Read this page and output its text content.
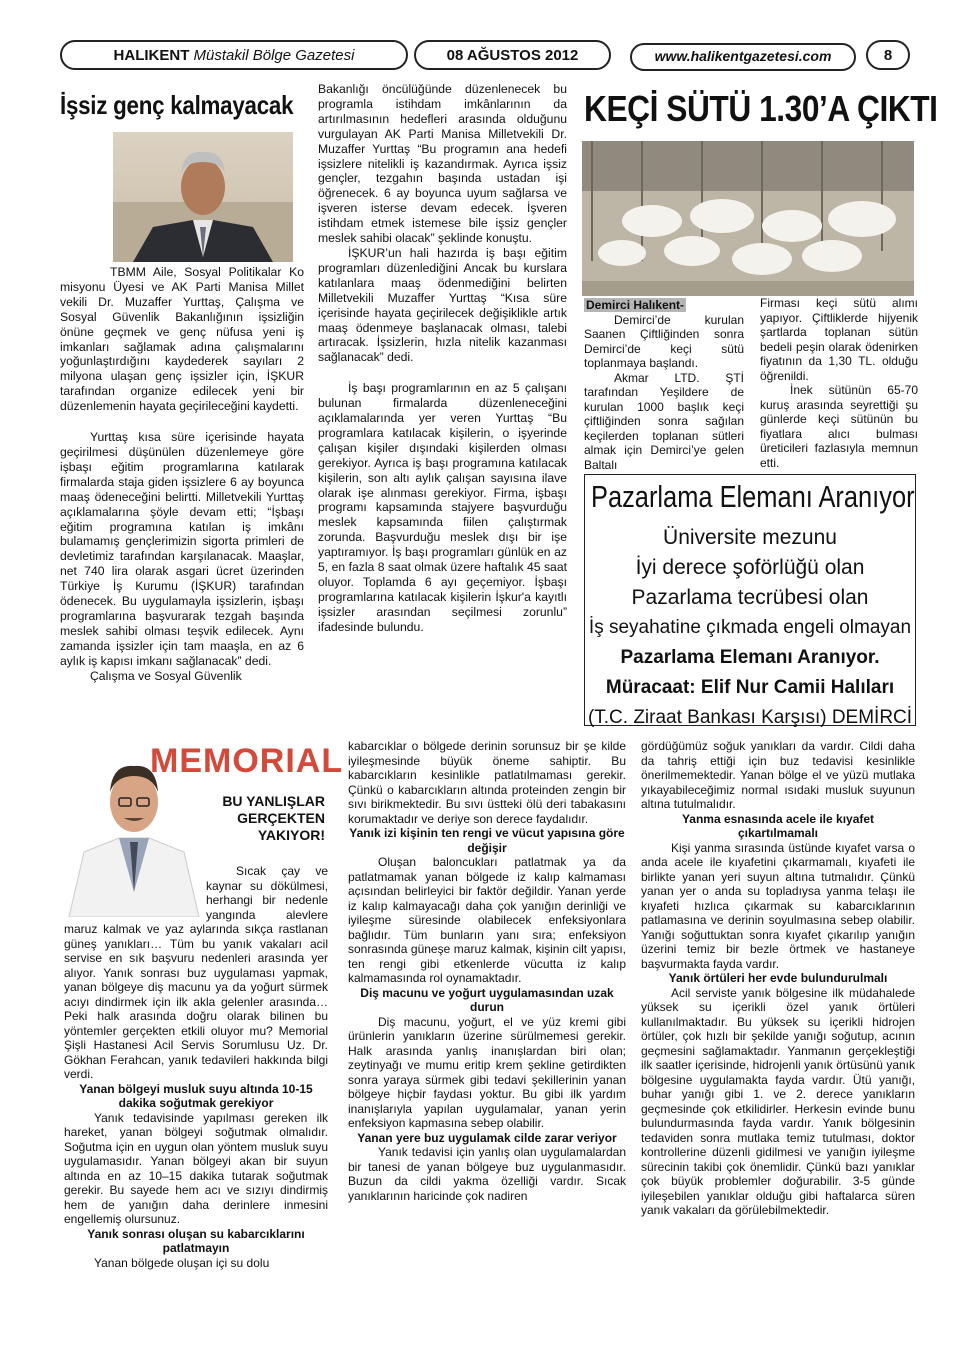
HALIKENT Müstakil Bölge Gazetesi	08 AĞUSTOS 2012	www.halikentgazetesi.com	8
İşsiz genç kalmayacak

TBMM Aile, Sosyal Politikalar Ko misyonu Üyesi ve AK Parti Manisa Millet vekili Dr. Muzaffer Yurttaş, Çalışma ve Sosyal Güvenlik Bakanlığının işsizliğin önüne geçmek ve genç nüfusa yeni iş imkanları sağlamak adına çalışmalarını yoğunlaştırdığını kaydederek sayıları 2 milyona ulaşan genç işsizler için, İŞKUR tarafından organize edilecek yeni bir düzenlemenin hayata geçirileceğini kaydetti.

Yurttaş kısa süre içerisinde hayata geçirilmesi düşünülen düzenlemeye göre işbaşı eğitim programlarına katılarak firmalarda staja giden işsizlere 6 ay boyunca maaş ödeneceğini belirtti. Milletvekili Yurttaş açıklamalarına şöyle devam etti; “İşbaşı eğitim programına katılan iş imkânı bulamamış gençlerimizin sigorta primleri de devletimiz tarafından karşılanacak. Maaşlar, net 740 lira olarak asgari ücret üzerinden Türkiye İş Kurumu (İŞKUR) tarafından ödenecek. Bu uygulamayla işsizlerin, işbaşı programlarına başvurarak tezgah başında meslek sahibi olması teşvik edilecek. Aynı zamanda işsizler için tam maaşla, en az 6 aylık iş kapısı imkanı sağlanacak” dedi.

Çalışma ve Sosyal Güvenlik

Bakanlığı öncülüğünde düzenlenecek bu programla istihdam imkânlarının da artırılmasının hedefleri arasında olduğunu vurgulayan AK Parti Manisa Milletvekili Dr. Muzaffer Yurttaş “Bu programın ana hedefi işsizlere nitelikli iş kazandırmak. Ayrıca işsiz gençler, tezgahın başında ustadan işi öğrenecek. 6 ay boyunca uyum sağlarsa ve işveren isterse devam edecek. İşveren istihdam etmek istemese bile işsiz gençler meslek sahibi olacak” şeklinde konuştu.

İŞKUR’un hali hazırda iş başı eğitim programları düzenlediğini Ancak bu kurslara katılanlara maaş ödenmediğini belirten Milletvekili Muzaffer Yurttaş “Kısa süre içerisinde hayata geçirilecek değişiklikle artık maaş ödenmeye başlanacak olması, talebi artıracak. İşsizlerin, hızla nitelik kazanması sağlanacak” dedi.

İş başı programlarının en az 5 çalışanı bulunan firmalarda düzenleneceğini açıklamalarında yer veren Yurttaş “Bu programlara katılacak kişilerin, o işyerinde çalışan kişiler dışındaki kişilerden olması gerekiyor. Ayrıca iş başı programına katılacak kişilerin, son altı aylık çalışan sayısına ilave olarak işe alınması gerekiyor. Firma, işbaşı programı kapsamında stajyere başvurduğu meslek kapsamında fiilen çalıştırmak zorunda. Başvurduğu meslek dışı bir işe yaptıramıyor. İş başı programları günlük en az 5, en fazla 8 saat olmak üzere haftalık 45 saat oluyor. Toplamda 6 ayı geçemiyor. İşbaşı programlarına katılacak kişilerin İşkur'a kayıtlı işsizler arasından seçilmesi zorunlu” ifadesinde bulundu.

KEÇİ SÜTÜ 1.30’A ÇIKTI

Demirci Halıkent-

Demirci’de kurulan Saanen Çiftliğinden sonra Demirci’de keçi sütü toplanmaya başlandı.

Akmar LTD. ŞTİ tarafından Yeşildere de kurulan 1000 başlık keçi çiftliğinden sonra sağılan keçilerden toplanan sütleri almak için Demirci’ye gelen Baltalı

Firması keçi sütü alımı yapıyor. Çiftliklerde hijyenik şartlarda toplanan sütün bedeli peşin olarak ödenirken fiyatının da 1,30 TL. olduğu öğrenildi.

İnek sütünün 65-70 kuruş arasında seyrettiği şu günlerde keçi sütünün bu fiyatlara alıcı bulması üreticileri fazlasıyla memnun etti.

Pazarlama Elemanı Aranıyor
Üniversite mezunu
İyi derece şoförlüğü olan
Pazarlama tecrübesi olan
İş seyahatine çıkmada engeli olmayan
Pazarlama Elemanı Aranıyor.
Müracaat: Elif Nur Camii Halıları
(T.C. Ziraat Bankası Karşısı) DEMİRCİ
MEMORIAL
BU YANLIŞLAR GERÇEKTEN YAKIYOR!

Sıcak çay ve kaynar su dökülmesi, herhangi bir nedenle yangında alevlere maruz kalmak ve yaz aylarında sıkça rastlanan güneş yanıkları… Tüm bu yanık vakaları acil servise en sık başvuru nedenleri arasında yer alıyor. Yanık sonrası buz uygulaması yapmak, yanan bölgeye diş macunu ya da yoğurt sürmek acıyı dindirmek için ilk akla gelenler arasında… Peki halk arasında doğru olarak bilinen bu yöntemler gerçekten etkili oluyor mu? Memorial Şişli Hastanesi Acil Servis Sorumlusu Uz. Dr. Gökhan Ferahcan, yanık tedavileri hakkında bilgi verdi.

Yanan bölgeyi musluk suyu altında 10-15 dakika soğutmak gerekiyor

Yanık tedavisinde yapılması gereken ilk hareket, yanan bölgeyi soğutmak olmalıdır. Soğutma için en uygun olan yöntem musluk suyu uygulamasıdır. Yanan bölgeyi akan bir suyun altında en az 10–15 dakika tutarak soğutmak gerekir. Bu sayede hem acı ve sızıyı dindirmiş hem de yanığın daha derinlere inmesini engellemiş olursunuz.

Yanık sonrası oluşan su kabarcıklarını patlatmayın

Yanan bölgede oluşan içi su dolu

kabarcıklar o bölgede derinin sorunsuz bir şe kilde iyileşmesinde büyük öneme sahiptir. Bu kabarcıkların kesinlikle patlatılmaması gerekir. Çünkü o kabarcıkların altında proteinden zengin bir sıvı birikmektedir. Bu sıvı üstteki ölü deri tabakasını korumaktadır ve deriye son derece faydalıdır.

Yanık izi kişinin ten rengi ve vücut yapısına göre değişir

Oluşan baloncukları patlatmak ya da patlatmamak yanan bölgede iz kalıp kalmaması açısından belirleyici bir faktör değildir. Yanan yerde iz kalıp kalmayacağı daha çok yanığın derinliği ve iyileşme süresinde olabilecek enfeksiyonlara bağlıdır. Tüm bunların yanı sıra; enfeksiyon sonrasında güneşe maruz kalmak, kişinin cilt yapısı, ten rengi gibi etkenlerde vücutta iz kalıp kalmamasında rol oynamaktadır.

Diş macunu ve yoğurt uygulamasından uzak durun

Diş macunu, yoğurt, el ve yüz kremi gibi ürünlerin yanıkların üzerine sürülmemesi gerekir. Halk arasında yanlış inanışlardan biri olan; zeytinyağı ve mumu eritip krem şekline getirdikten sonra yaraya sürmek gibi tedavi şekillerinin yanan bölgeye hiçbir faydası yoktur. Bu gibi ilk yardım inanışlarıyla yapılan uygulamalar, yanan yerin enfeksiyon kapmasına sebep olabilir.

Yanan yere buz uygulamak cilde zarar veriyor

Yanık tedavisi için yanlış olan uygulamalardan bir tanesi de yanan bölgeye buz uygulanmasıdır. Buzun da cildi yakma özelliği vardır. Sıcak yanıklarının haricinde çok nadiren

gördüğümüz soğuk yanıkları da vardır. Cildi daha da tahriş ettiği için buz tedavisi kesinlikle önerilmemektedir. Yanan bölge el ve yüzü mutlaka yıkayabileceğimiz normal ısıdaki musluk suyunun altına tutulmalıdır.

Yanma esnasında acele ile kıyafet çıkartılmamalı

Kişi yanma sırasında üstünde kıyafet varsa o anda acele ile kıyafetini çıkarmamalı, kıyafeti ile birlikte yanan yeri suyun altına tutmalıdır. Çünkü yanan yer o anda su topladıysa yanma telaşı ile kıyafeti hızlıca çıkarmak su kabarcıklarının patlamasına ve derinin soyulmasına sebep olabilir. Yanığı soğuttuktan sonra kıyafet çıkarılıp yanığın üzerini temiz bir bezle örtmek ve hastaneye başvurmakta fayda vardır.

Yanık örtüleri her evde bulundurulmalı

Acil serviste yanık bölgesine ilk müdahalede yüksek su içerikli özel yanık örtüleri kullanılmaktadır. Bu yüksek su içerikli hidrojen örtüler, çok hızlı bir şekilde yanığı soğutup, acının geçmesini sağlamaktadır. Yanmanın gerçekleştiği ilk saatler içerisinde, hidrojenli yanık örtüsünü yanık bölgesine uygulamakta fayda vardır. Ütü yanığı, buhar yanığı gibi 1. ve 2. derece yanıkların geçmesinde çok etkilidirler. Herkesin evinde bunu bulundurmasında fayda vardır. Yanık bölgesinin tedaviden sonra mutlaka temiz tutulması, doktor kontrollerine düzenli gidilmesi ve yanığın iyileşme sürecinin takibi çok önemlidir. Çünkü bazı yanıklar çok büyük problemler doğurabilir. 3-5 günde iyileşebilen yanıklar olduğu gibi haftalarca süren yanık vakaları da görülebilmektedir.
